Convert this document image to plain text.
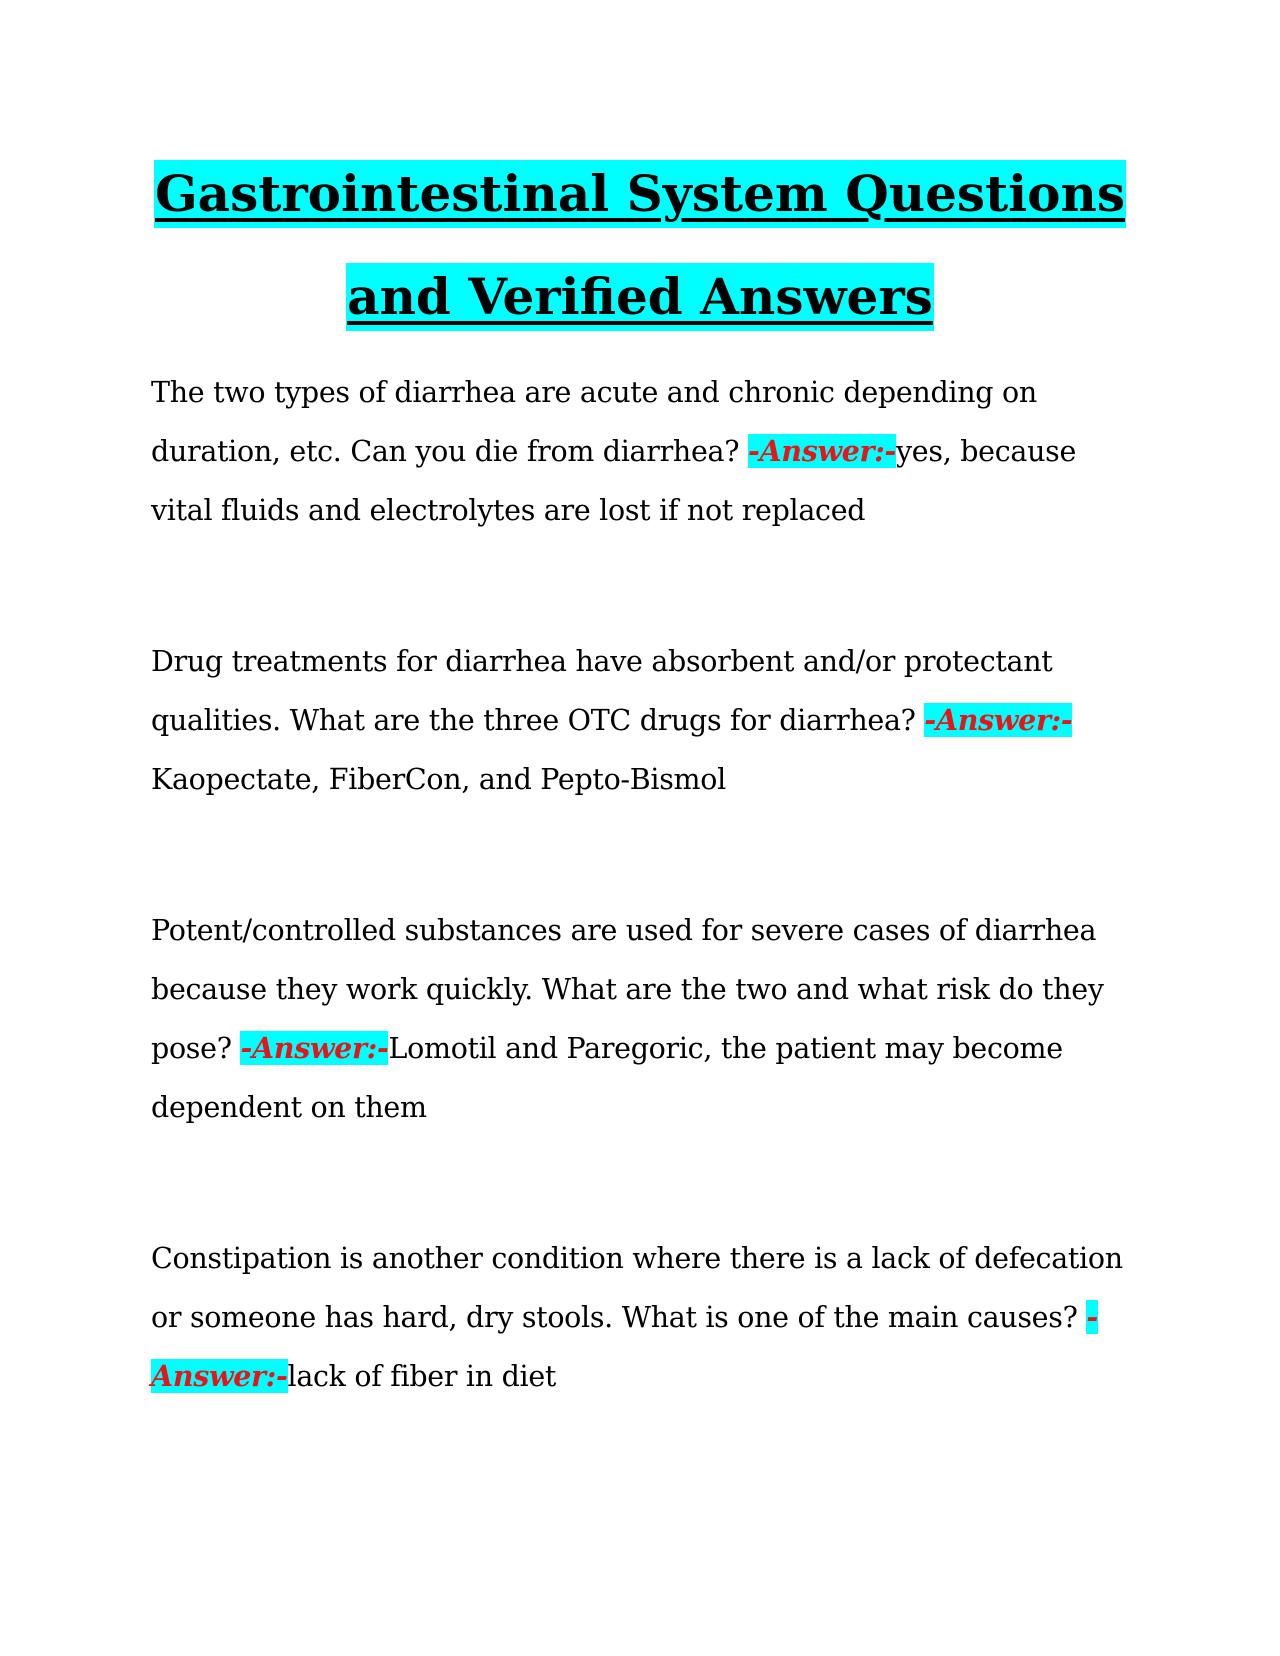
Gastrointestinal System Questions
and Verified Answers

The two types of diarrhea are acute and chronic depending on duration, etc. Can you die from diarrhea? -Answer:-yes, because vital fluids and electrolytes are lost if not replaced

Drug treatments for diarrhea have absorbent and/or protectant qualities. What are the three OTC drugs for diarrhea? -Answer:-
Kaopectate, FiberCon, and Pepto-Bismol

Potent/controlled substances are used for severe cases of diarrhea because they work quickly. What are the two and what risk do they pose? -Answer:-Lomotil and Paregoric, the patient may become dependent on them

Constipation is another condition where there is a lack of defecation or someone has hard, dry stools. What is one of the main causes? -Answer:-lack of fiber in diet
